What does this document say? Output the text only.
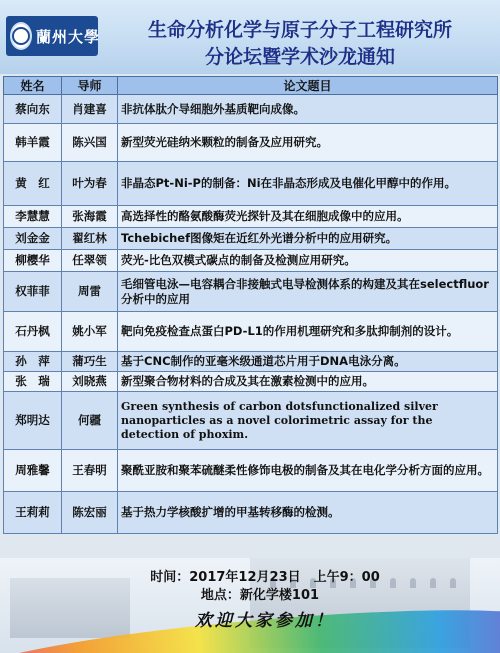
蘭州大學	生命分析化学与原子分子工程研究所
分论坛暨学术沙龙通知
姓名	导师	论文题目
蔡向东	肖建喜	非抗体肽介导细胞外基质靶向成像。
韩羊霞	陈兴国	新型荧光硅纳米颗粒的制备及应用研究。
黄　红	叶为春	非晶态Pt-Ni-P的制备：Ni在非晶态形成及电催化甲醇中的作用。
李慧慧	张海霞	高选择性的酪氨酸酶荧光探针及其在细胞成像中的应用。
刘金金	翟红林	Tchebichef图像矩在近红外光谱分析中的应用研究。
柳樱华	任翠领	荧光-比色双模式碳点的制备及检测应用研究。
权菲菲	周雷	毛细管电泳—电容耦合非接触式电导检测体系的构建及其在selectfluor分析中的应用
石丹枫	姚小军	靶向免疫检查点蛋白PD-L1的作用机理研究和多肽抑制剂的设计。
孙　萍	蒲巧生	基于CNC制作的亚毫米级通道芯片用于DNA电泳分离。
张　瑞	刘晓燕	新型聚合物材料的合成及其在激素检测中的应用。
郑明达	何疆	Green synthesis of carbon dotsfunctionalized silver nanoparticles as a novel colorimetric assay for the detection of phoxim.
周雅馨	王春明	聚酰亚胺和聚苯硫醚柔性修饰电极的制备及其在电化学分析方面的应用。
王莉莉	陈宏丽	基于热力学核酸扩增的甲基转移酶的检测。
时间：2017年12月23日　上午9：00
地点：新化学楼101
欢迎大家参加！
